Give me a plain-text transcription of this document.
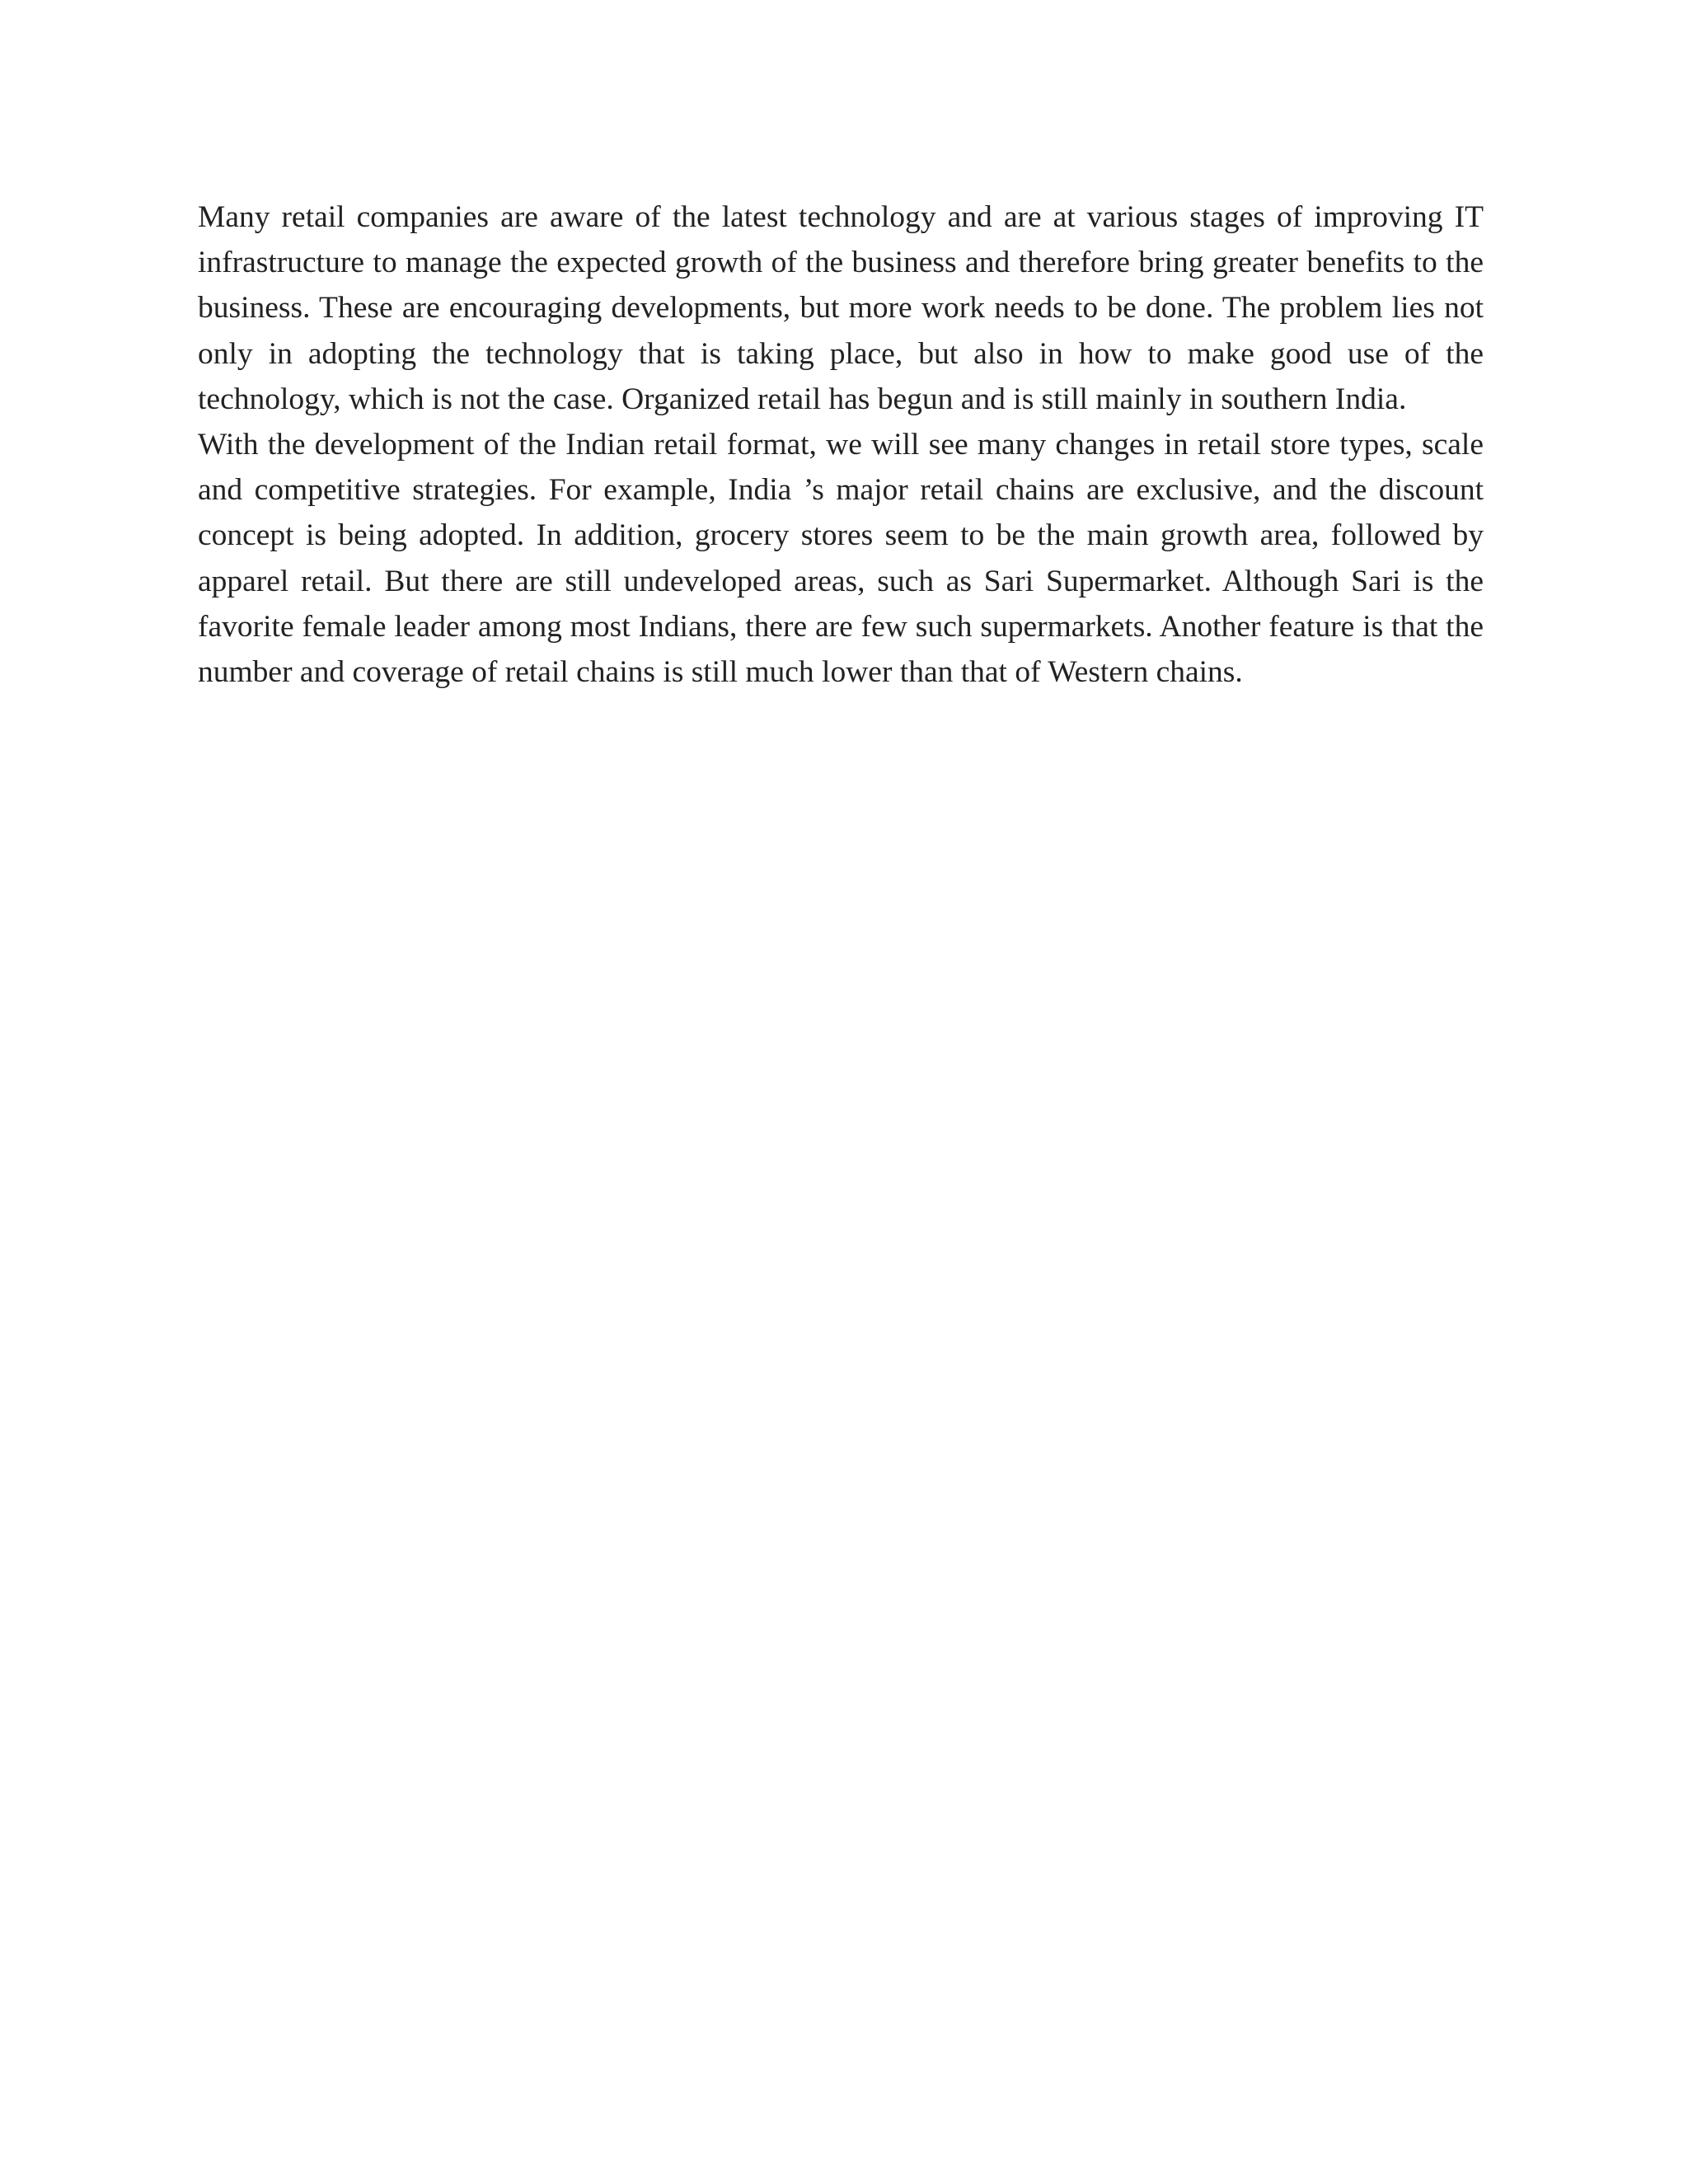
Many retail companies are aware of the latest technology and are at various stages of improving IT infrastructure to manage the expected growth of the business and therefore bring greater benefits to the business. These are encouraging developments, but more work needs to be done. The problem lies not only in adopting the technology that is taking place, but also in how to make good use of the technology, which is not the case. Organized retail has begun and is still mainly in southern India.

With the development of the Indian retail format, we will see many changes in retail store types, scale and competitive strategies. For example, India ’s major retail chains are exclusive, and the discount concept is being adopted. In addition, grocery stores seem to be the main growth area, followed by apparel retail. But there are still undeveloped areas, such as Sari Supermarket. Although Sari is the favorite female leader among most Indians, there are few such supermarkets. Another feature is that the number and coverage of retail chains is still much lower than that of Western chains.
